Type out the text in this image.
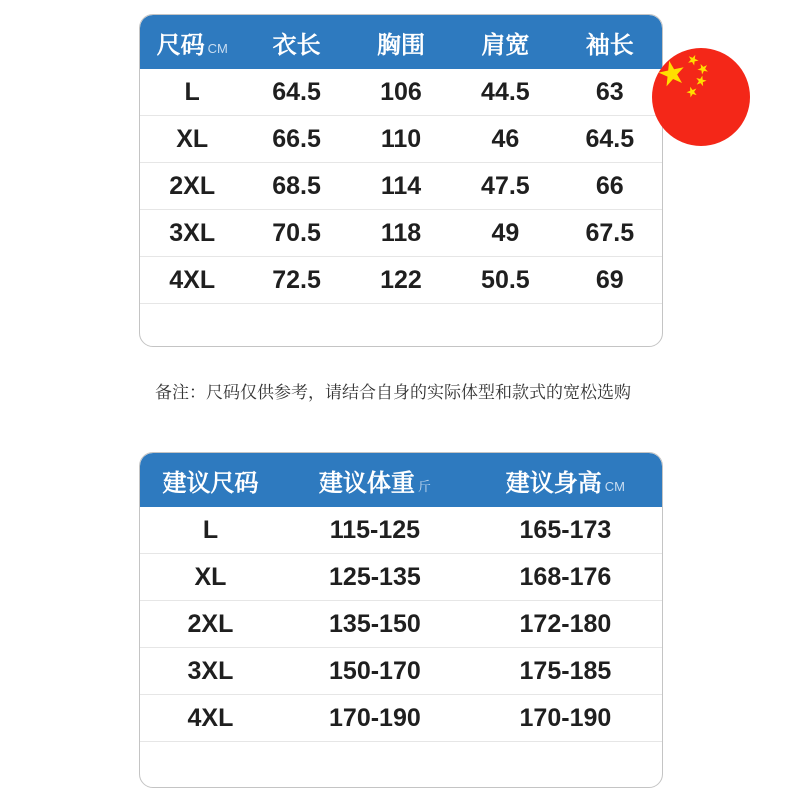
尺码 CM	衣长	胸围	肩宽	袖长
L	64.5	106	44.5	63
XL	66.5	110	46	64.5
2XL	68.5	114	47.5	66
3XL	70.5	118	49	67.5
4XL	72.5	122	50.5	69
备注：尺码仅供参考，请结合自身的实际体型和款式的宽松选购
建议尺码	建议体重 斤	建议身高 CM
L	115-125	165-173
XL	125-135	168-176
2XL	135-150	172-180
3XL	150-170	175-185
4XL	170-190	170-190
